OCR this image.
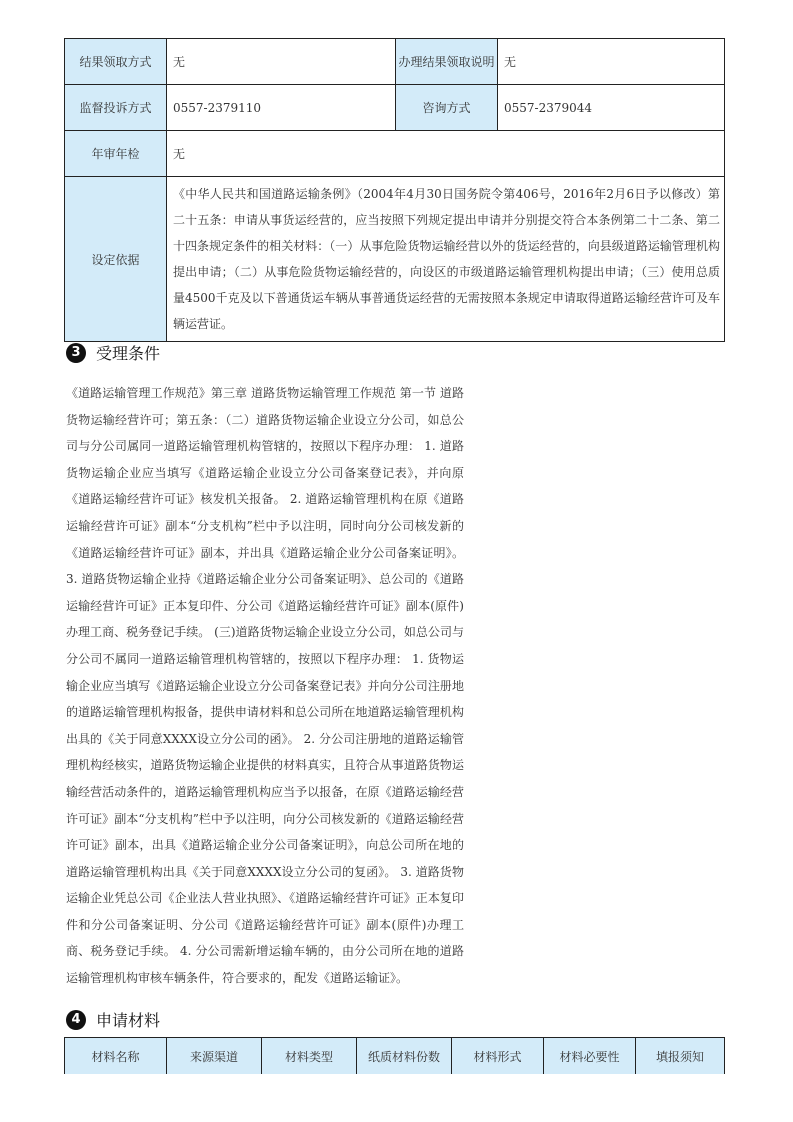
结果领取方式	无	办理结果领取说明	无
监督投诉方式	0557-2379110	咨询方式	0557-2379044
年审年检	无		
设定依据	《中华人民共和国道路运输条例》（2004年4月30日国务院令第406号，2016年2月6日予以修改）第二十五条：申请从事货运经营的，应当按照下列规定提出申请并分别提交符合本条例第二十二条、第二十四条规定条件的相关材料：（一）从事危险货物运输经营以外的货运经营的，向县级道路运输管理机构提出申请；（二）从事危险货物运输经营的，向设区的市级道路运输管理机构提出申请；（三）使用总质量4500千克及以下普通货运车辆从事普通货运经营的无需按照本条规定申请取得道路运输经营许可及车辆运营证。		
3 受理条件

《道路运输管理工作规范》第三章 道路货物运输管理工作规范 第一节 道路货物运输经营许可；第五条：（二）道路货物运输企业设立分公司，如总公司与分公司属同一道路运输管理机构管辖的，按照以下程序办理： 1. 道路货物运输企业应当填写《道路运输企业设立分公司备案登记表》，并向原《道路运输经营许可证》核发机关报备。 2. 道路运输管理机构在原《道路运输经营许可证》副本“分支机构”栏中予以注明，同时向分公司核发新的《道路运输经营许可证》副本，并出具《道路运输企业分公司备案证明》。 3. 道路货物运输企业持《道路运输企业分公司备案证明》、总公司的《道路运输经营许可证》正本复印件、分公司《道路运输经营许可证》副本(原件)办理工商、税务登记手续。 (三)道路货物运输企业设立分公司，如总公司与分公司不属同一道路运输管理机构管辖的，按照以下程序办理： 1. 货物运输企业应当填写《道路运输企业设立分公司备案登记表》并向分公司注册地的道路运输管理机构报备，提供申请材料和总公司所在地道路运输管理机构出具的《关于同意XXXX设立分公司的函》。 2. 分公司注册地的道路运输管理机构经核实，道路货物运输企业提供的材料真实，且符合从事道路货物运输经营活动条件的，道路运输管理机构应当予以报备，在原《道路运输经营许可证》副本“分支机构”栏中予以注明，向分公司核发新的《道路运输经营许可证》副本，出具《道路运输企业分公司备案证明》，向总公司所在地的道路运输管理机构出具《关于同意XXXX设立分公司的复函》。 3. 道路货物运输企业凭总公司《企业法人营业执照》、《道路运输经营许可证》正本复印件和分公司备案证明、分公司《道路运输经营许可证》副本(原件)办理工商、税务登记手续。 4. 分公司需新增运输车辆的，由分公司所在地的道路运输管理机构审核车辆条件，符合要求的，配发《道路运输证》。

4 申请材料
材料名称	来源渠道	材料类型	纸质材料份数	材料形式	材料必要性	填报须知
